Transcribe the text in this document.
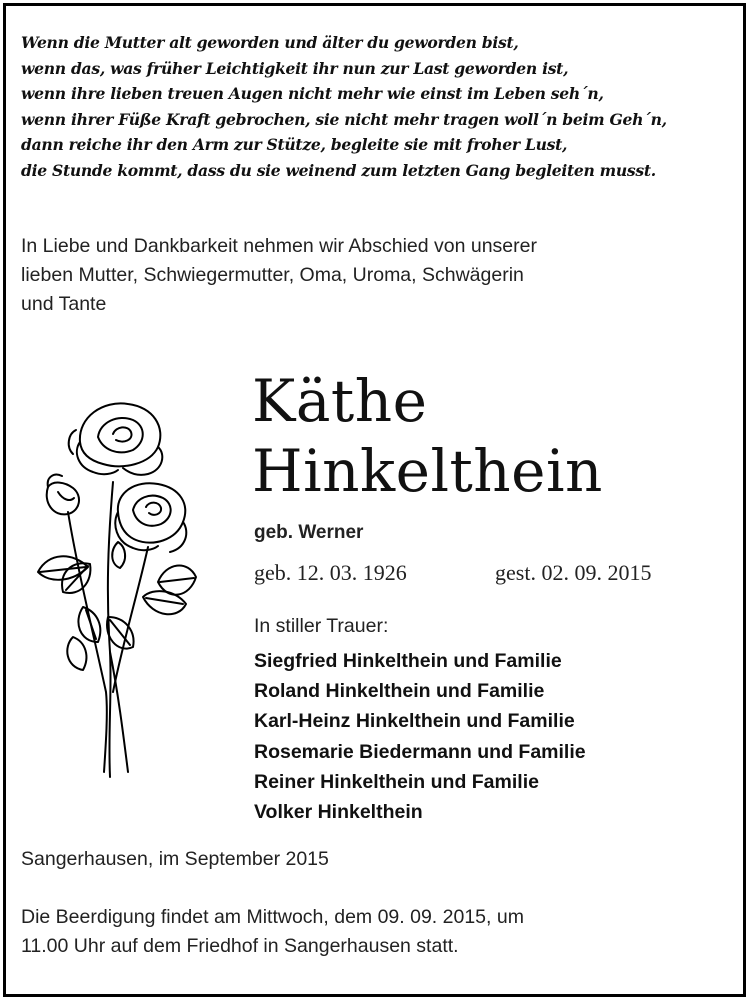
Wenn die Mutter alt geworden und älter du geworden bist,
wenn das, was früher Leichtigkeit ihr nun zur Last geworden ist,
wenn ihre lieben treuen Augen nicht mehr wie einst im Leben seh´n,
wenn ihrer Füße Kraft gebrochen, sie nicht mehr tragen woll´n beim Geh´n,
dann reiche ihr den Arm zur Stütze, begleite sie mit froher Lust,
die Stunde kommt, dass du sie weinend zum letzten Gang begleiten musst.
In Liebe und Dankbarkeit nehmen wir Abschied von unserer
lieben Mutter, Schwiegermutter, Oma, Uroma, Schwägerin
und Tante
Käthe
Hinkelthein
geb. Werner
geb. 12. 03. 1926	gest. 02. 09. 2015
In stiller Trauer:
Siegfried Hinkelthein und Familie
Roland Hinkelthein und Familie
Karl-Heinz Hinkelthein und Familie
Rosemarie Biedermann und Familie
Reiner Hinkelthein und Familie
Volker Hinkelthein
Sangerhausen, im September 2015
Die Beerdigung findet am Mittwoch, dem 09. 09. 2015, um
11.00 Uhr auf dem Friedhof in Sangerhausen statt.
